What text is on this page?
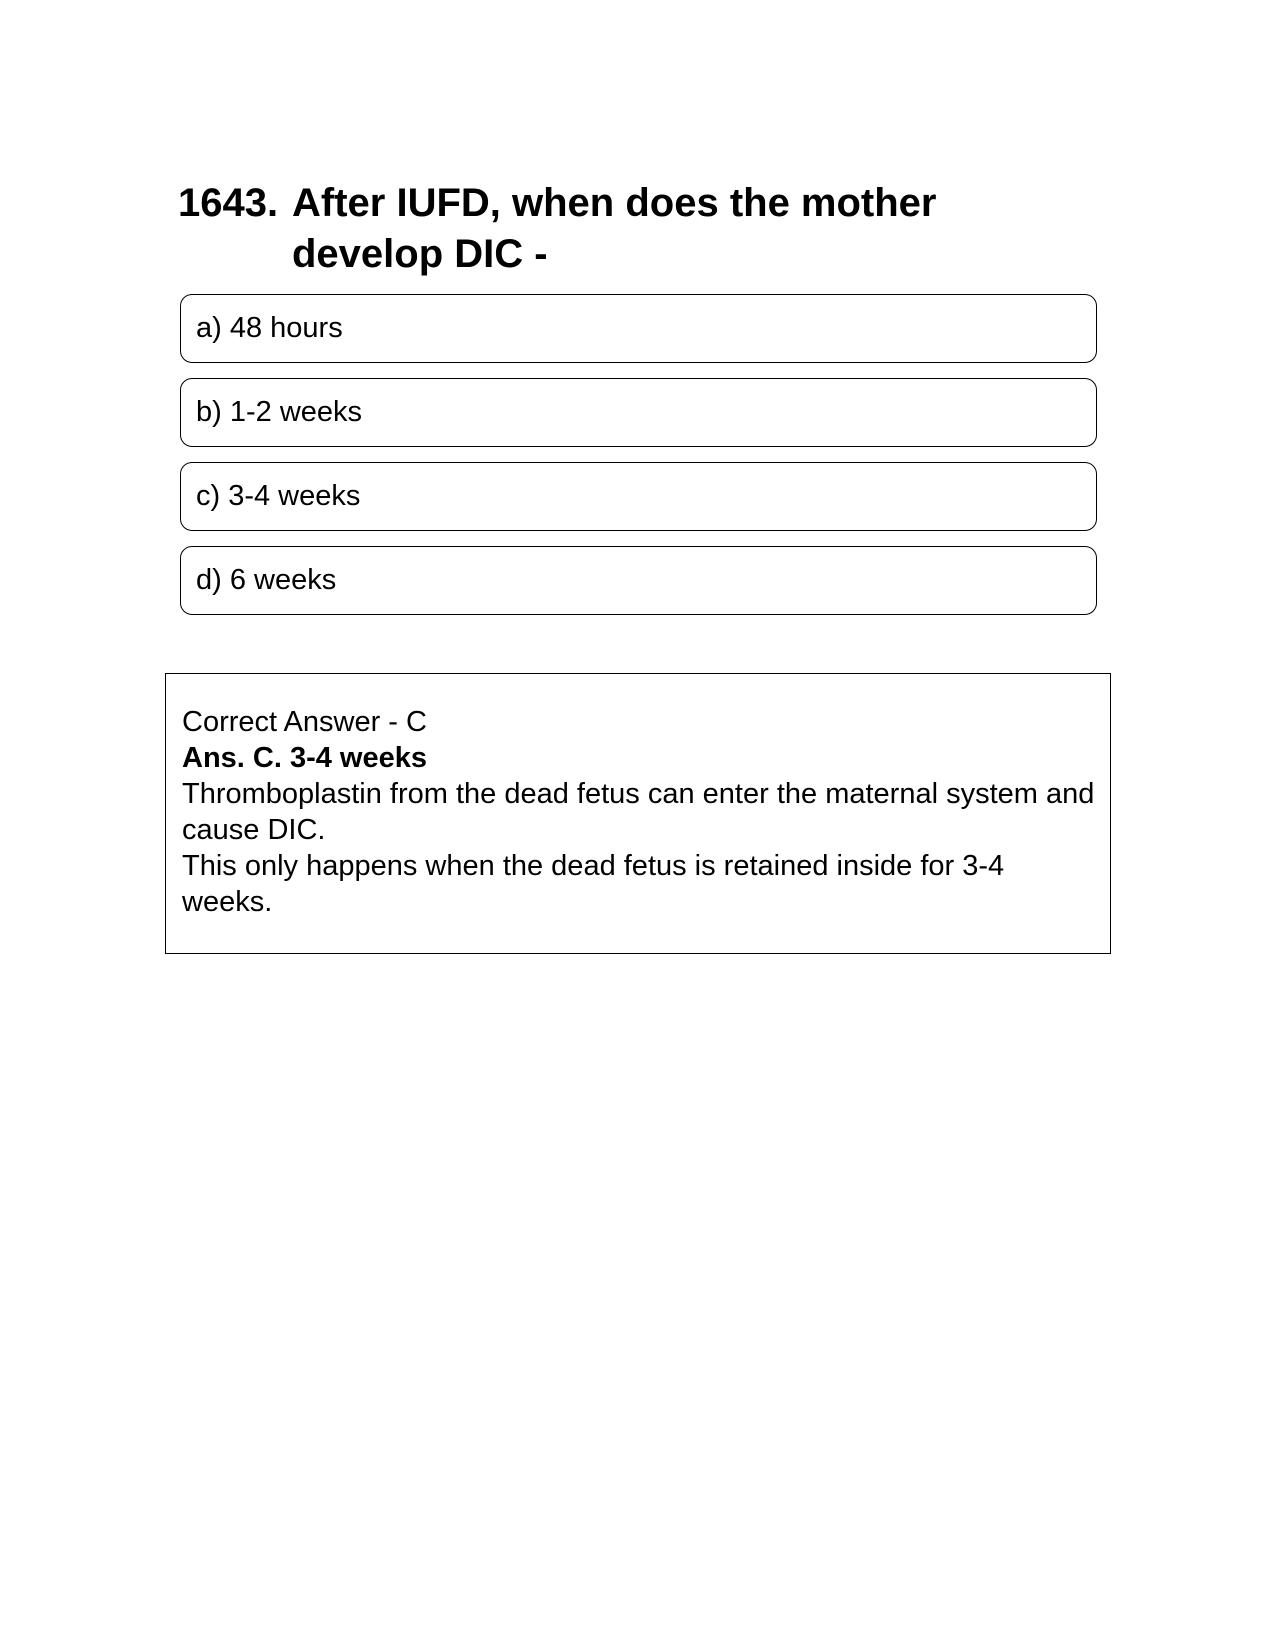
1643. After IUFD, when does the mother develop DIC -
a) 48 hours
b) 1-2 weeks
c) 3-4 weeks
d) 6 weeks
Correct Answer - C
Ans. C. 3-4 weeks
Thromboplastin from the dead fetus can enter the maternal system and cause DIC.
This only happens when the dead fetus is retained inside for 3-4 weeks.
